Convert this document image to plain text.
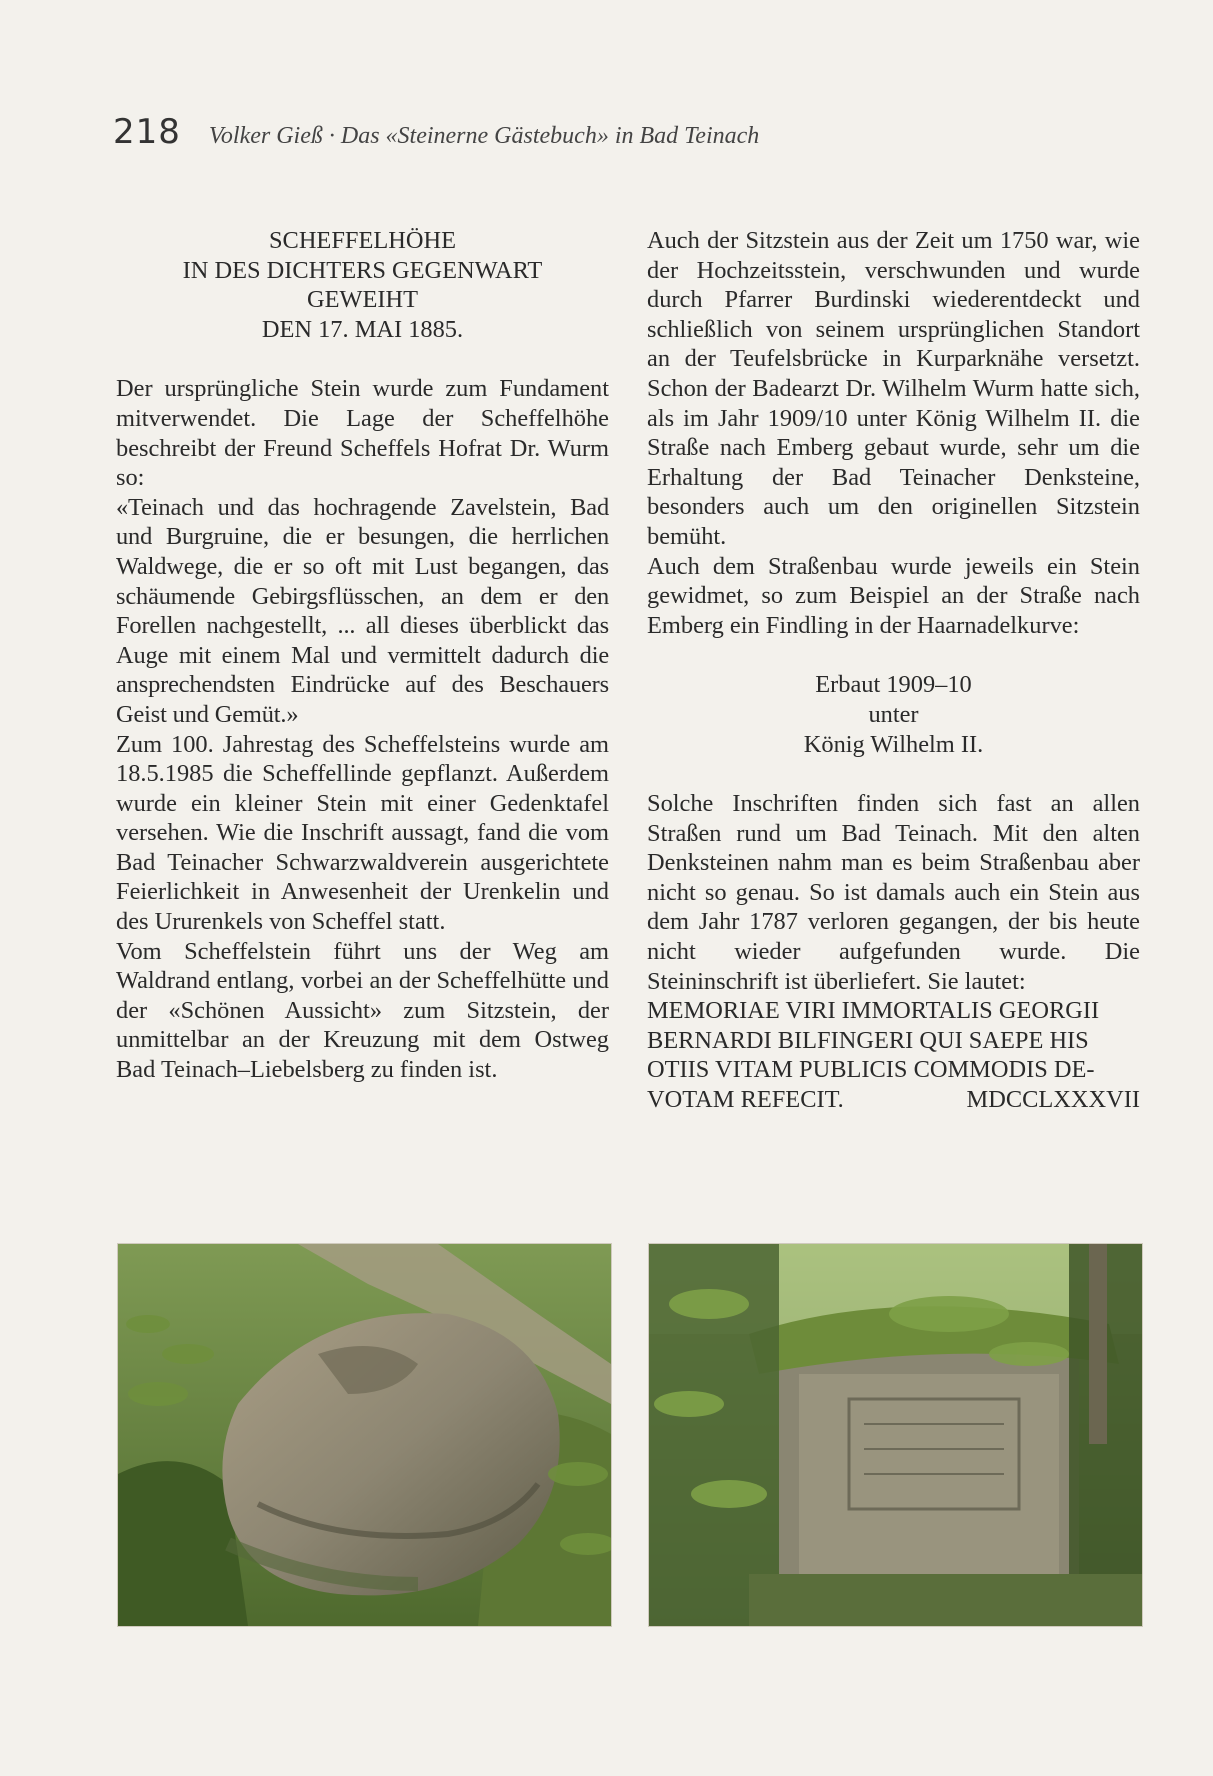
218 Volker Gieß · Das «Steinerne Gästebuch» in Bad Teinach
SCHEFFELHÖHE
IN DES DICHTERS GEGENWART
GEWEIHT
DEN 17. MAI 1885.

Der ursprüngliche Stein wurde zum Fundament mitverwendet. Die Lage der Scheffelhöhe beschreibt der Freund Scheffels Hofrat Dr. Wurm so:

«Teinach und das hochragende Zavelstein, Bad und Burgruine, die er besungen, die herrlichen Waldwege, die er so oft mit Lust begangen, das schäumende Gebirgsflüsschen, an dem er den Forellen nachgestellt, ... all dieses überblickt das Auge mit einem Mal und vermittelt dadurch die ansprechendsten Eindrücke auf des Beschauers Geist und Gemüt.»

Zum 100. Jahrestag des Scheffelsteins wurde am 18.5.1985 die Scheffellinde gepflanzt. Außerdem wurde ein kleiner Stein mit einer Gedenktafel versehen. Wie die Inschrift aussagt, fand die vom Bad Teinacher Schwarzwaldverein ausgerichtete Feierlichkeit in Anwesenheit der Urenkelin und des Ururenkels von Scheffel statt.

Vom Scheffelstein führt uns der Weg am Waldrand entlang, vorbei an der Scheffelhütte und der «Schönen Aussicht» zum Sitzstein, der unmittelbar an der Kreuzung mit dem Ostweg Bad Teinach–Liebelsberg zu finden ist.

Auch der Sitzstein aus der Zeit um 1750 war, wie der Hochzeitsstein, verschwunden und wurde durch Pfarrer Burdinski wiederentdeckt und schließlich von seinem ursprünglichen Standort an der Teufelsbrücke in Kurparknähe versetzt. Schon der Badearzt Dr. Wilhelm Wurm hatte sich, als im Jahr 1909/10 unter König Wilhelm II. die Straße nach Emberg gebaut wurde, sehr um die Erhaltung der Bad Teinacher Denksteine, besonders auch um den originellen Sitzstein bemüht.

Auch dem Straßenbau wurde jeweils ein Stein gewidmet, so zum Beispiel an der Straße nach Emberg ein Findling in der Haarnadelkurve:

Erbaut 1909–10
unter
König Wilhelm II.

Solche Inschriften finden sich fast an allen Straßen rund um Bad Teinach. Mit den alten Denksteinen nahm man es beim Straßenbau aber nicht so genau. So ist damals auch ein Stein aus dem Jahr 1787 verloren gegangen, der bis heute nicht wieder aufgefunden wurde. Die Steininschrift ist überliefert. Sie lautet:

MEMORIAE VIRI IMMORTALIS GEORGII
BERNARDI BILFINGERI QUI SAEPE HIS
OTIIS VITAM PUBLICIS COMMODIS DE-
VOTAM REFECIT.	MDCCLXXXVII
